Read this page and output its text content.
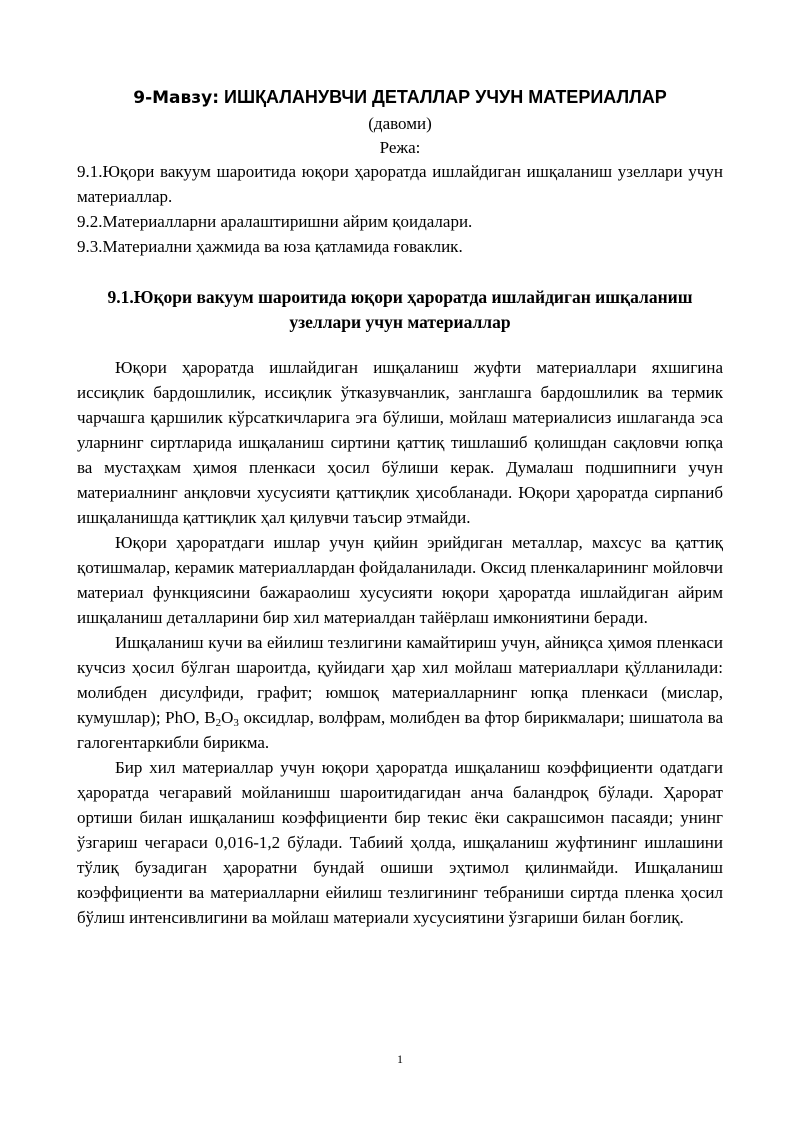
9-Мавзу: ИШҚАЛАНУВЧИ ДЕТАЛЛАР УЧУН МАТЕРИАЛЛАР
(давоми)
Режа:

9.1.Юқори вакуум шароитида юқори ҳароратда ишлайдиган ишқаланиш узеллари учун материаллар.

9.2.Материалларни аралаштиришни айрим қоидалари.

9.3.Материални ҳажмида ва юза қатламида ғоваклик.

9.1.Юқори вакуум шароитида юқори ҳароратда ишлайдиган ишқаланиш узеллари учун материаллар

Юқори ҳароратда ишлайдиган ишқаланиш жуфти материаллари яхшигина иссиқлик бардошлилик, иссиқлик ўтказувчанлик, занглашга бардошлилик ва термик чарчашга қаршилик кўрсаткичларига эга бўлиши, мойлаш материалисиз ишлаганда эса уларнинг сиртларида ишқаланиш сиртини қаттиқ тишлашиб қолишдан сақловчи юпқа ва мустаҳкам ҳимоя пленкаси ҳосил бўлиши керак. Думалаш подшипниги учун материалнинг анқловчи хусусияти қаттиқлик ҳисобланади. Юқори ҳароратда сирпаниб ишқаланишда қаттиқлик ҳал қилувчи таъсир этмайди.

Юқори ҳароратдаги ишлар учун қийин эрийдиган металлар, махсус ва қаттиқ қотишмалар, керамик материаллардан фойдаланилади. Оксид пленкаларининг мойловчи материал функциясини бажараолиш хусусияти юқори ҳароратда ишлайдиган айрим ишқаланиш деталларини бир хил материалдан тайёрлаш имкониятини беради.

Ишқаланиш кучи ва ейилиш тезлигини камайтириш учун, айниқса ҳимоя пленкаси кучсиз ҳосил бўлган шароитда, қуйидаги ҳар хил мойлаш материаллари қўлланилади: молибден дисулфиди, графит; юмшоқ материалларнинг юпқа пленкаси (мислар, кумушлар); PhO, $B_2O_3$ оксидлар, волфрам, молибден ва фтор бирикмалари; шишатола ва галогентаркибли бирикма.

Бир хил материаллар учун юқори ҳароратда ишқаланиш коэффициенти одатдаги ҳароратда чегаравий мойланишш шароитидагидан анча баландроқ бўлади. Ҳарорат ортиши билан ишқаланиш коэффициенти бир текис ёки сакрашсимон пасаяди; унинг ўзгариш чегараси 0,016-1,2 бўлади. Табиий ҳолда, ишқаланиш жуфтининг ишлашини тўлиқ бузадиган ҳароратни бундай ошиши эҳтимол қилинмайди. Ишқаланиш коэффициенти ва материалларни ейилиш тезлигининг тебраниши сиртда пленка ҳосил бўлиш интенсивлигини ва мойлаш материали хусусиятини ўзгариши билан боғлиқ.

1
